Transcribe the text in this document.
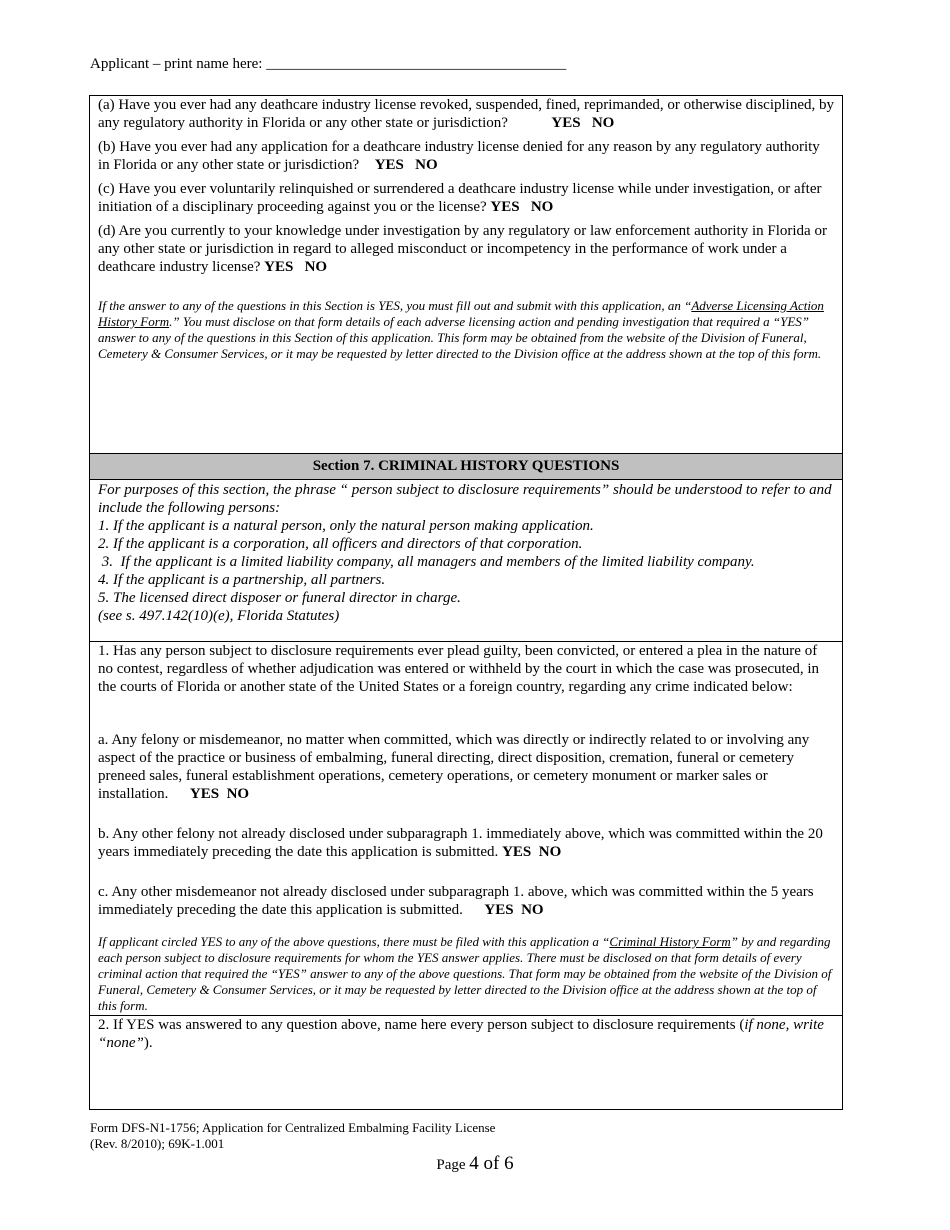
Applicant – print name here: ________________________________________
(a) Have you ever had any deathcare industry license revoked, suspended, fined, reprimanded, or otherwise disciplined, by any regulatory authority in Florida or any other state or jurisdiction?	YES   NO
(b) Have you ever had any application for a deathcare industry license denied for any reason by any regulatory authority in Florida or any other state or jurisdiction? YES   NO
(c) Have you ever voluntarily relinquished or surrendered a deathcare industry license while under investigation, or after initiation of a disciplinary proceeding against you or the license? YES   NO
(d) Are you currently to your knowledge under investigation by any regulatory or law enforcement authority in Florida or any other state or jurisdiction in regard to alleged misconduct or incompetency in the performance of work under a deathcare industry license? YES   NO
If the answer to any of the questions in this Section is YES, you must fill out and submit with this application, an “Adverse Licensing Action History Form.” You must disclose on that form details of each adverse licensing action and pending investigation that required a “YES” answer to any of the questions in this Section of this application. This form may be obtained from the website of the Division of Funeral, Cemetery & Consumer Services, or it may be requested by letter directed to the Division office at the address shown at the top of this form.
Section 7. CRIMINAL HISTORY QUESTIONS
For purposes of this section, the phrase “ person subject to disclosure requirements” should be understood to refer to and include the following persons:
1. If the applicant is a natural person, only the natural person making application.
2. If the applicant is a corporation, all officers and directors of that corporation.
3.  If the applicant is a limited liability company, all managers and members of the limited liability company.
4. If the applicant is a partnership, all partners.
5. The licensed direct disposer or funeral director in charge.
(see s. 497.142(10)(e), Florida Statutes)
1. Has any person subject to disclosure requirements ever plead guilty, been convicted, or entered a plea in the nature of no contest, regardless of whether adjudication was entered or withheld by the court in which the case was prosecuted, in the courts of Florida or another state of the United States or a foreign country, regarding any crime indicated below:
a. Any felony or misdemeanor, no matter when committed, which was directly or indirectly related to or involving any aspect of the practice or business of embalming, funeral directing, direct disposition, cremation, funeral or cemetery preneed sales, funeral establishment operations, cemetery operations, or cemetery monument or marker sales or installation. YES  NO
b. Any other felony not already disclosed under subparagraph 1. immediately above, which was committed within the 20 years immediately preceding the date this application is submitted. YES  NO
c. Any other misdemeanor not already disclosed under subparagraph 1. above, which was committed within the 5 years immediately preceding the date this application is submitted. YES  NO
If applicant circled YES to any of the above questions, there must be filed with this application a “Criminal History Form” by and regarding each person subject to disclosure requirements for whom the YES answer applies. There must be disclosed on that form details of every criminal action that required the “YES” answer to any of the above questions. That form may be obtained from the website of the Division of Funeral, Cemetery & Consumer Services, or it may be requested by letter directed to the Division office at the address shown at the top of this form.
2. If YES was answered to any question above, name here every person subject to disclosure requirements (if none, write “none”).
Form DFS-N1-1756; Application for Centralized Embalming Facility License
(Rev. 8/2010); 69K-1.001
Page 4 of 6
